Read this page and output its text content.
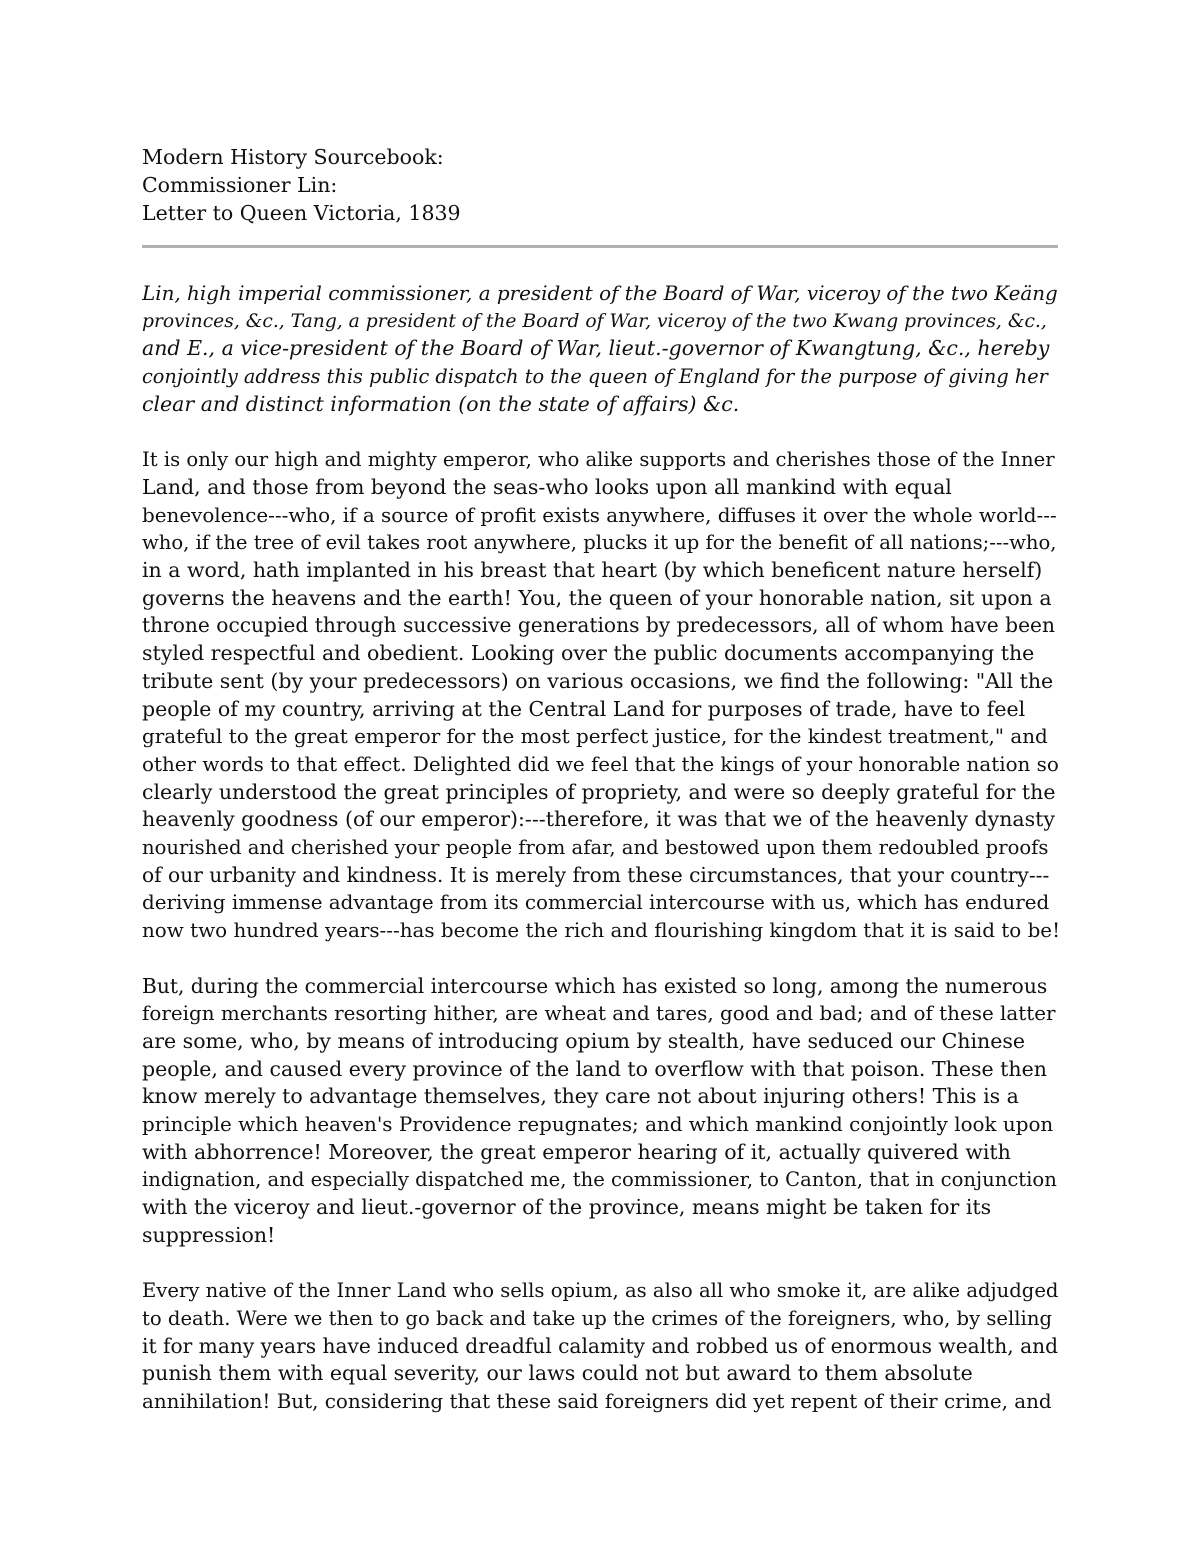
Modern History Sourcebook:
Commissioner Lin:
Letter to Queen Victoria, 1839

Lin, high imperial commissioner, a president of the Board of War, viceroy of the two Keäng
provinces, &c., Tang, a president of the Board of War, viceroy of the two Kwang provinces, &c.,
and E., a vice-president of the Board of War, lieut.-governor of Kwangtung, &c., hereby
conjointly address this public dispatch to the queen of England for the purpose of giving her
clear and distinct information (on the state of affairs) &c.

It is only our high and mighty emperor, who alike supports and cherishes those of the Inner
Land, and those from beyond the seas-who looks upon all mankind with equal
benevolence---who, if a source of profit exists anywhere, diffuses it over the whole world---
who, if the tree of evil takes root anywhere, plucks it up for the benefit of all nations;---who,
in a word, hath implanted in his breast that heart (by which beneficent nature herself)
governs the heavens and the earth! You, the queen of your honorable nation, sit upon a
throne occupied through successive generations by predecessors, all of whom have been
styled respectful and obedient. Looking over the public documents accompanying the
tribute sent (by your predecessors) on various occasions, we find the following: "All the
people of my country, arriving at the Central Land for purposes of trade, have to feel
grateful to the great emperor for the most perfect justice, for the kindest treatment," and
other words to that effect. Delighted did we feel that the kings of your honorable nation so
clearly understood the great principles of propriety, and were so deeply grateful for the
heavenly goodness (of our emperor):---therefore, it was that we of the heavenly dynasty
nourished and cherished your people from afar, and bestowed upon them redoubled proofs
of our urbanity and kindness. It is merely from these circumstances, that your country---
deriving immense advantage from its commercial intercourse with us, which has endured
now two hundred years---has become the rich and flourishing kingdom that it is said to be!

But, during the commercial intercourse which has existed so long, among the numerous
foreign merchants resorting hither, are wheat and tares, good and bad; and of these latter
are some, who, by means of introducing opium by stealth, have seduced our Chinese
people, and caused every province of the land to overflow with that poison. These then
know merely to advantage themselves, they care not about injuring others! This is a
principle which heaven's Providence repugnates; and which mankind conjointly look upon
with abhorrence! Moreover, the great emperor hearing of it, actually quivered with
indignation, and especially dispatched me, the commissioner, to Canton, that in conjunction
with the viceroy and lieut.-governor of the province, means might be taken for its
suppression!

Every native of the Inner Land who sells opium, as also all who smoke it, are alike adjudged
to death. Were we then to go back and take up the crimes of the foreigners, who, by selling
it for many years have induced dreadful calamity and robbed us of enormous wealth, and
punish them with equal severity, our laws could not but award to them absolute
annihilation! But, considering that these said foreigners did yet repent of their crime, and
